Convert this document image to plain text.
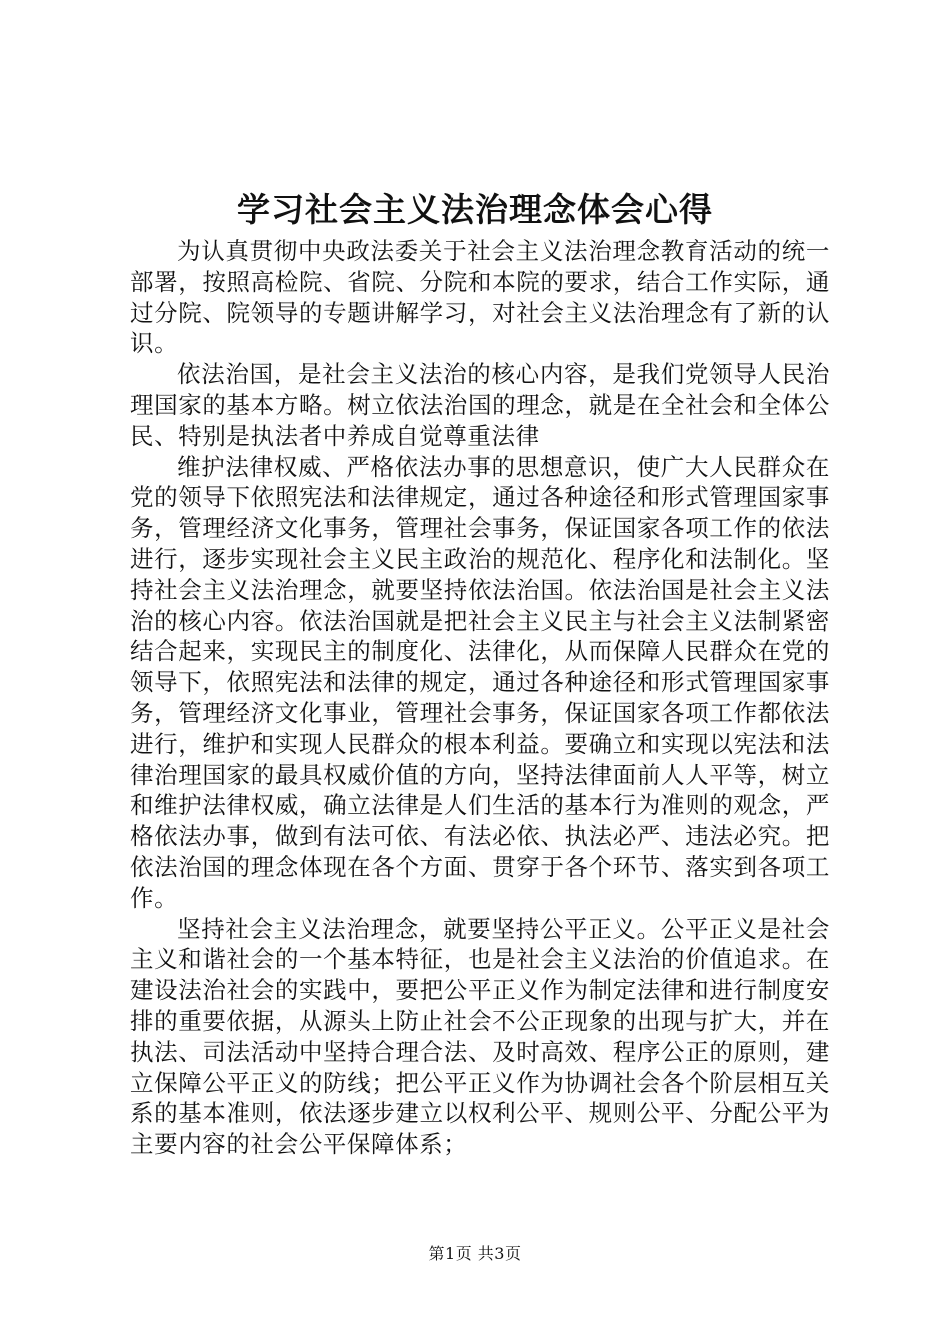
学习社会主义法治理念体会心得

为认真贯彻中央政法委关于社会主义法治理念教育活动的统一部署，按照高检院、省院、分院和本院的要求，结合工作实际，通过分院、院领导的专题讲解学习，对社会主义法治理念有了新的认识。

依法治国，是社会主义法治的核心内容，是我们党领导人民治理国家的基本方略。树立依法治国的理念，就是在全社会和全体公民、特别是执法者中养成自觉尊重法律

维护法律权威、严格依法办事的思想意识，使广大人民群众在党的领导下依照宪法和法律规定，通过各种途径和形式管理国家事务，管理经济文化事务，管理社会事务，保证国家各项工作的依法进行，逐步实现社会主义民主政治的规范化、程序化和法制化。坚持社会主义法治理念，就要坚持依法治国。依法治国是社会主义法治的核心内容。依法治国就是把社会主义民主与社会主义法制紧密结合起来，实现民主的制度化、法律化，从而保障人民群众在党的领导下，依照宪法和法律的规定，通过各种途径和形式管理国家事务，管理经济文化事业，管理社会事务，保证国家各项工作都依法进行，维护和实现人民群众的根本利益。要确立和实现以宪法和法律治理国家的最具权威价值的方向，坚持法律面前人人平等，树立和维护法律权威，确立法律是人们生活的基本行为准则的观念，严格依法办事，做到有法可依、有法必依、执法必严、违法必究。把依法治国的理念体现在各个方面、贯穿于各个环节、落实到各项工作。

坚持社会主义法治理念，就要坚持公平正义。公平正义是社会主义和谐社会的一个基本特征，也是社会主义法治的价值追求。在建设法治社会的实践中，要把公平正义作为制定法律和进行制度安排的重要依据，从源头上防止社会不公正现象的出现与扩大，并在执法、司法活动中坚持合理合法、及时高效、程序公正的原则，建立保障公平正义的防线；把公平正义作为协调社会各个阶层相互关系的基本准则，依法逐步建立以权利公平、规则公平、分配公平为主要内容的社会公平保障体系；

第1页 共3页
